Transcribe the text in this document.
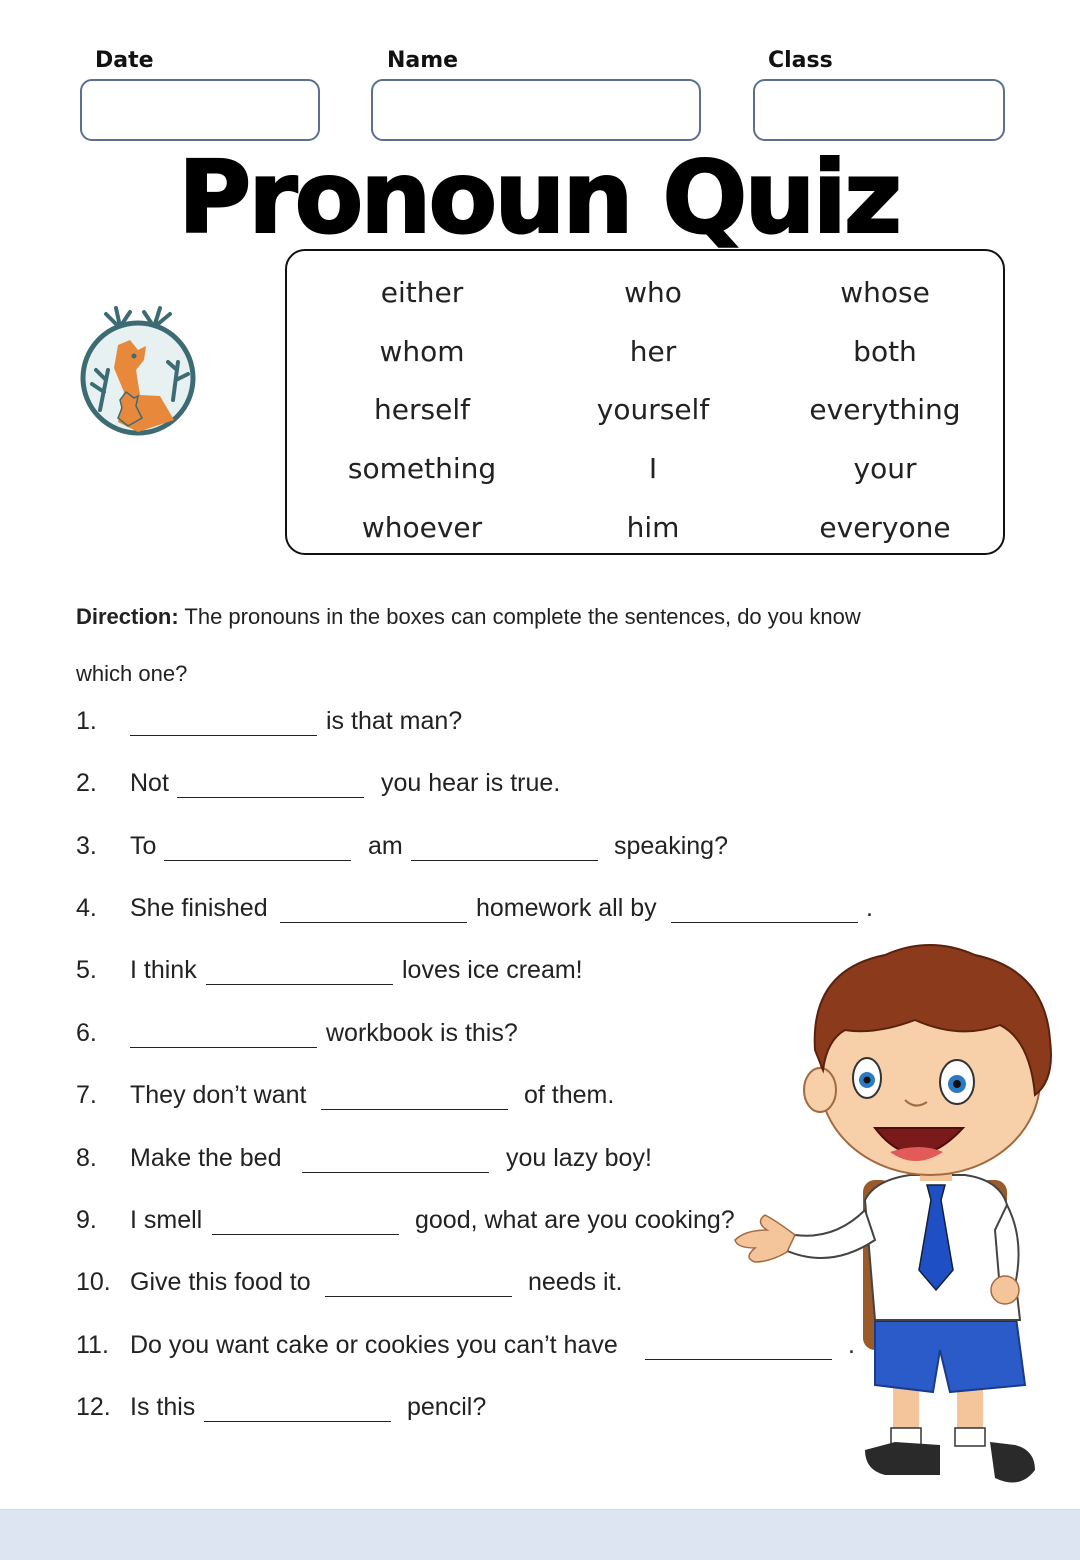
Date	Name	Class
Pronoun Quiz
either	who	whose
whom	her	both
herself	yourself	everything
something	I	your
whoever	him	everyone
Direction: The pronouns in the boxes can complete the sentences, do you know
which one?
1.	is that man?
2. Not	you hear is true.
3. To	am	speaking?
4. She finished	homework all by	.
5. I think	loves ice cream!
6.	workbook is this?
7. They don’t want	of them.
8. Make the bed	you lazy boy!
9. I smell	good, what are you cooking?
10. Give this food to	needs it.
11. Do you want cake or cookies you can’t have	.
12. Is this	pencil?
